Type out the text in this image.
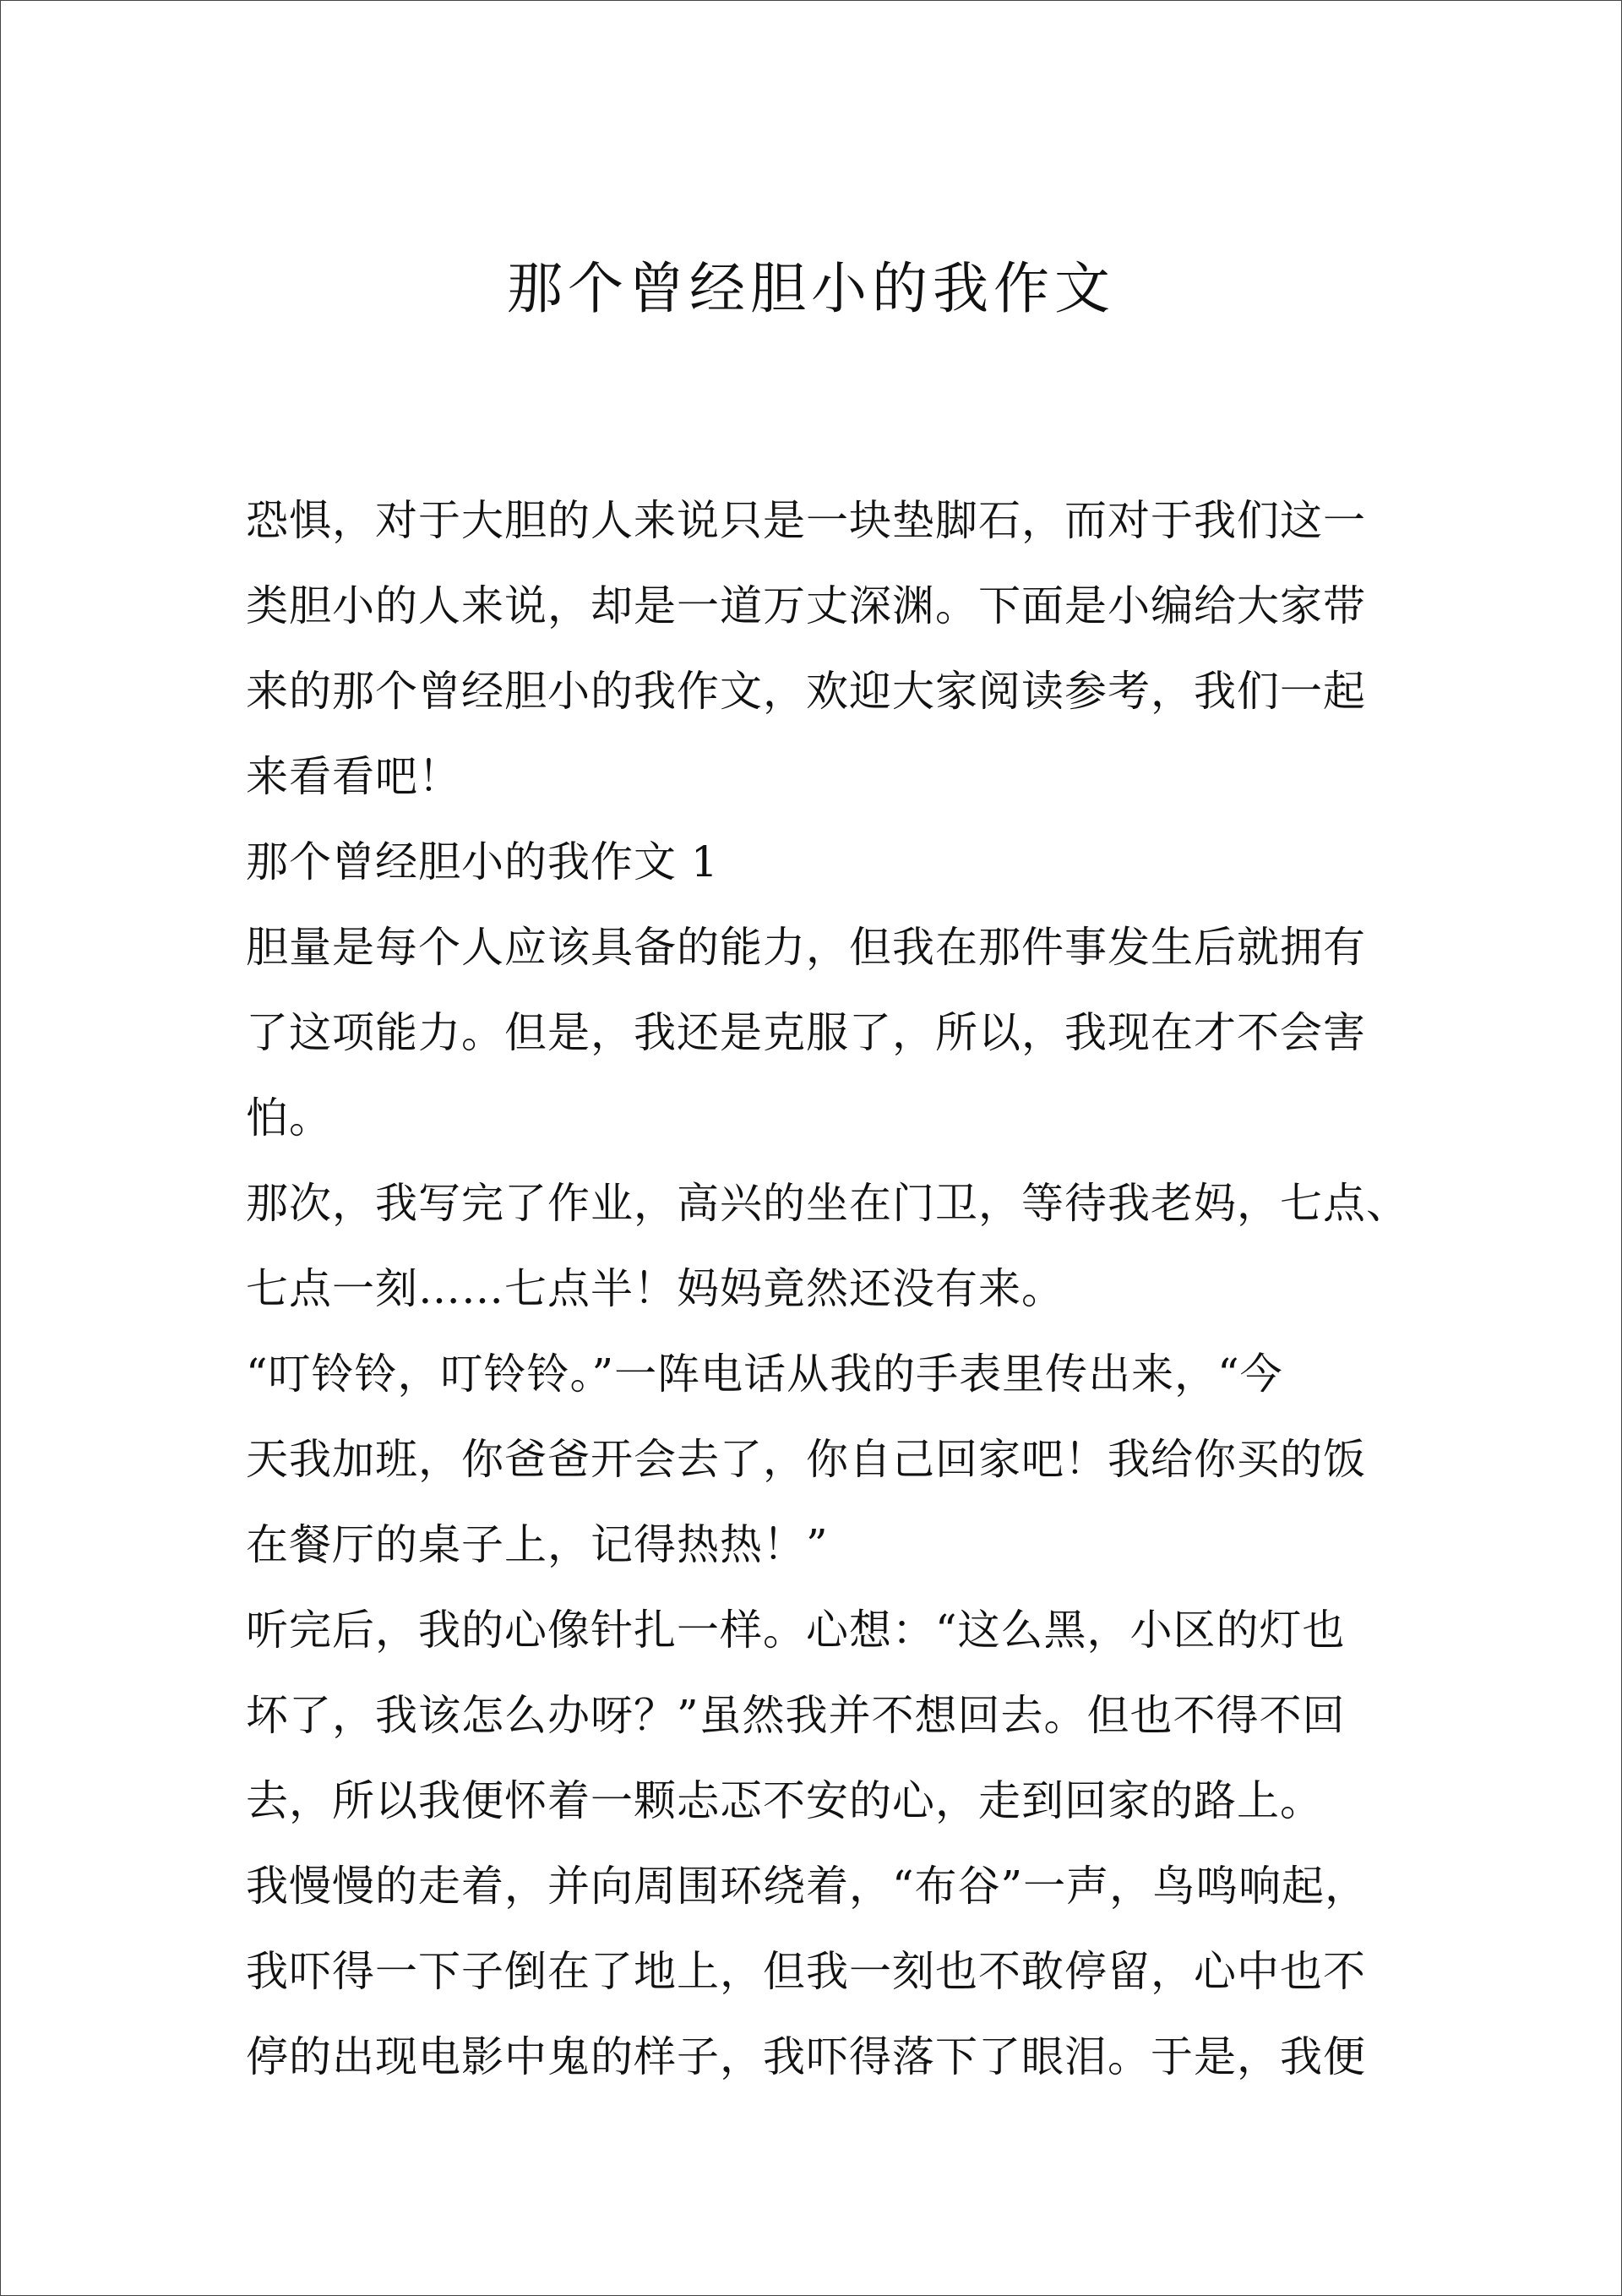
那个曾经胆小的我作文

恐惧，对于大胆的人来说只是一块垫脚石，而对于我们这一

类胆小的人来说，却是一道万丈深渊。下面是小编给大家带

来的那个曾经胆小的我作文，欢迎大家阅读参考，我们一起

来看看吧！

那个曾经胆小的我作文 1

胆量是每个人应该具备的能力，但我在那件事发生后就拥有

了这项能力。但是，我还是克服了，所以，我现在才不会害

怕。

那次，我写完了作业，高兴的坐在门卫，等待我老妈，七点、

七点一刻……七点半！妈妈竟然还没有来。

“叮铃铃，叮铃铃。”一阵电话从我的手表里传出来，“今

天我加班，你爸爸开会去了，你自己回家吧！我给你买的饭

在餐厅的桌子上，记得热热！”

听完后，我的心像针扎一样。心想：“这么黑，小区的灯也

坏了，我该怎么办呀？”虽然我并不想回去。但也不得不回

去，所以我便怀着一颗忐忑不安的心，走到回家的路上。

我慢慢的走着，并向周围环绕着，“布谷”一声，鸟鸣响起，

我吓得一下子倒在了地上，但我一刻也不敢停留，心中也不

停的出现电影中鬼的样子，我吓得落下了眼泪。于是，我便
